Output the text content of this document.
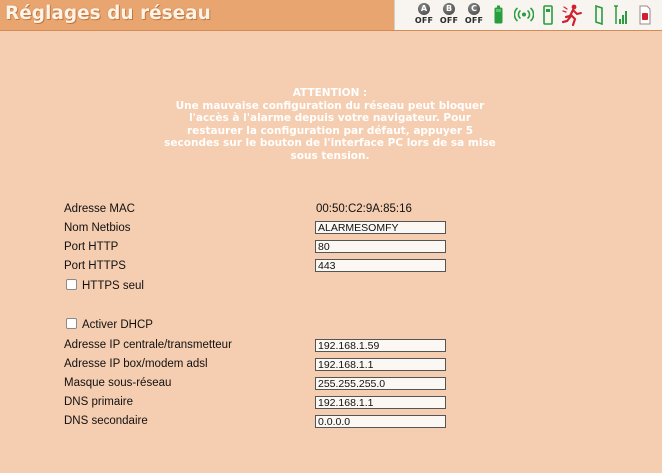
Réglages du réseau	A
OFF
B
OFF
C
OFF

ATTENTION :

Une mauvaise configuration du réseau peut bloquer l'accès à l'alarme depuis votre navigateur. Pour restaurer la configuration par défaut, appuyer 5 secondes sur le bouton de l'interface PC lors de sa mise sous tension.

Adresse MAC	00:50:C2:9A:85:16
Nom Netbios
ALARMESOMFY
Port HTTP
80
Port HTTPS
443
HTTPS seul
Activer DHCP
Adresse IP centrale/transmetteur
192.168.1.59
Adresse IP box/modem adsl
192.168.1.1
Masque sous-réseau
255.255.255.0
DNS primaire
192.168.1.1
DNS secondaire
0.0.0.0
